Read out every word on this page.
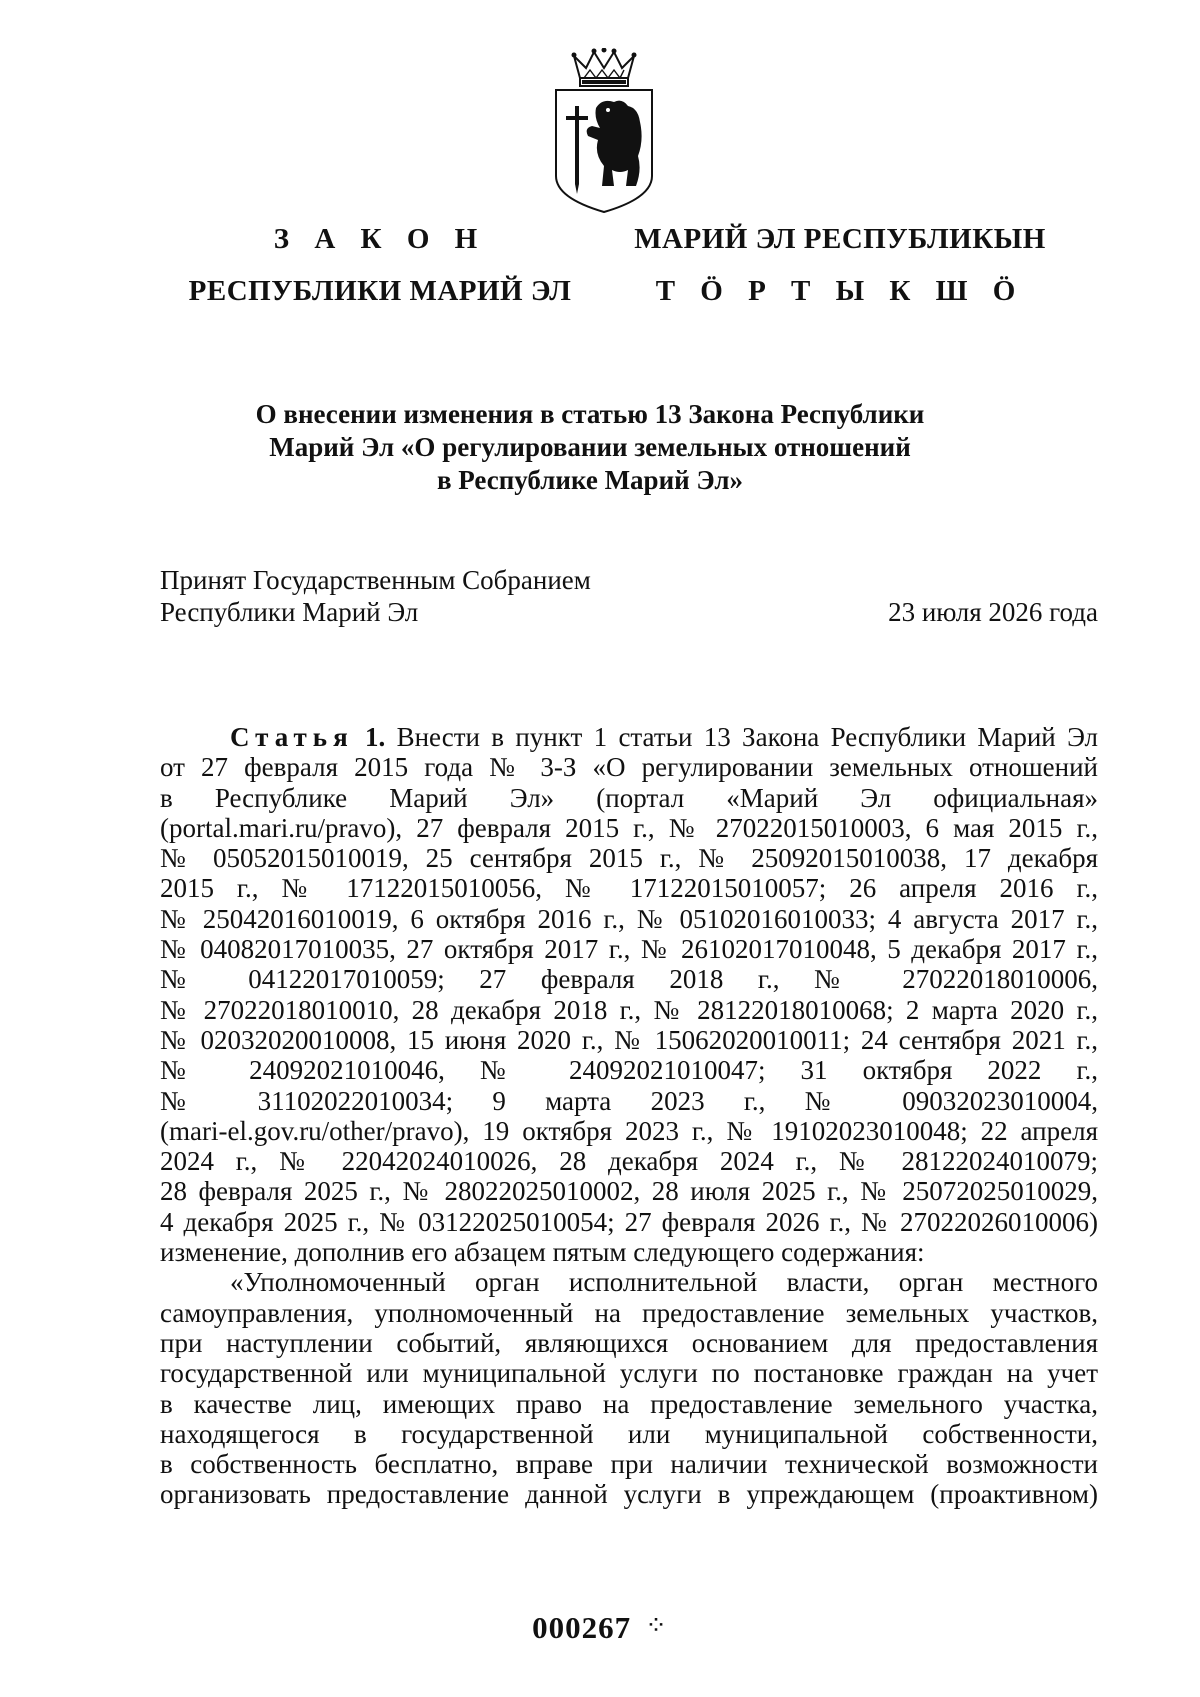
З А К О Н
РЕСПУБЛИКИ МАРИЙ ЭЛ
МАРИЙ ЭЛ РЕСПУБЛИКЫН
Т Ö Р Т Ы К Ш Ö
О внесении изменения в статью 13 Закона Республики
Марий Эл «О регулировании земельных отношений
в Республике Марий Эл»
Принят Государственным Собранием
Республики Марий Эл	23 июля 2026 года
Статья 1. Внести в пункт 1 статьи 13 Закона Республики Марий Эл
от 27 февраля 2015 года № 3-З «О регулировании земельных отношений
в Республике Марий Эл» (портал «Марий Эл официальная»
(portal.mari.ru/pravo), 27 февраля 2015 г., № 27022015010003, 6 мая 2015 г.,
№ 05052015010019, 25 сентября 2015 г., № 25092015010038, 17 декабря
2015 г., № 17122015010056, № 17122015010057; 26 апреля 2016 г.,
№ 25042016010019, 6 октября 2016 г., № 05102016010033; 4 августа 2017 г.,
№ 04082017010035, 27 октября 2017 г., № 26102017010048, 5 декабря 2017 г.,
№ 04122017010059; 27 февраля 2018 г., № 27022018010006,
№ 27022018010010, 28 декабря 2018 г., № 28122018010068; 2 марта 2020 г.,
№ 02032020010008, 15 июня 2020 г., № 15062020010011; 24 сентября 2021 г.,
№ 24092021010046, № 24092021010047; 31 октября 2022 г.,
№ 31102022010034; 9 марта 2023 г., № 09032023010004,
(mari-el.gov.ru/other/pravo), 19 октября 2023 г., № 19102023010048; 22 апреля
2024 г., № 22042024010026, 28 декабря 2024 г., № 28122024010079;
28 февраля 2025 г., № 28022025010002, 28 июля 2025 г., № 25072025010029,
4 декабря 2025 г., № 03122025010054; 27 февраля 2026 г., № 27022026010006)
изменение, дополнив его абзацем пятым следующего содержания:
«Уполномоченный орган исполнительной власти, орган местного
самоуправления, уполномоченный на предоставление земельных участков,
при наступлении событий, являющихся основанием для предоставления
государственной или муниципальной услуги по постановке граждан на учет
в качестве лиц, имеющих право на предоставление земельного участка,
находящегося в государственной или муниципальной собственности,
в собственность бесплатно, вправе при наличии технической возможности
организовать предоставление данной услуги в упреждающем (проактивном)
000267 ⁘
